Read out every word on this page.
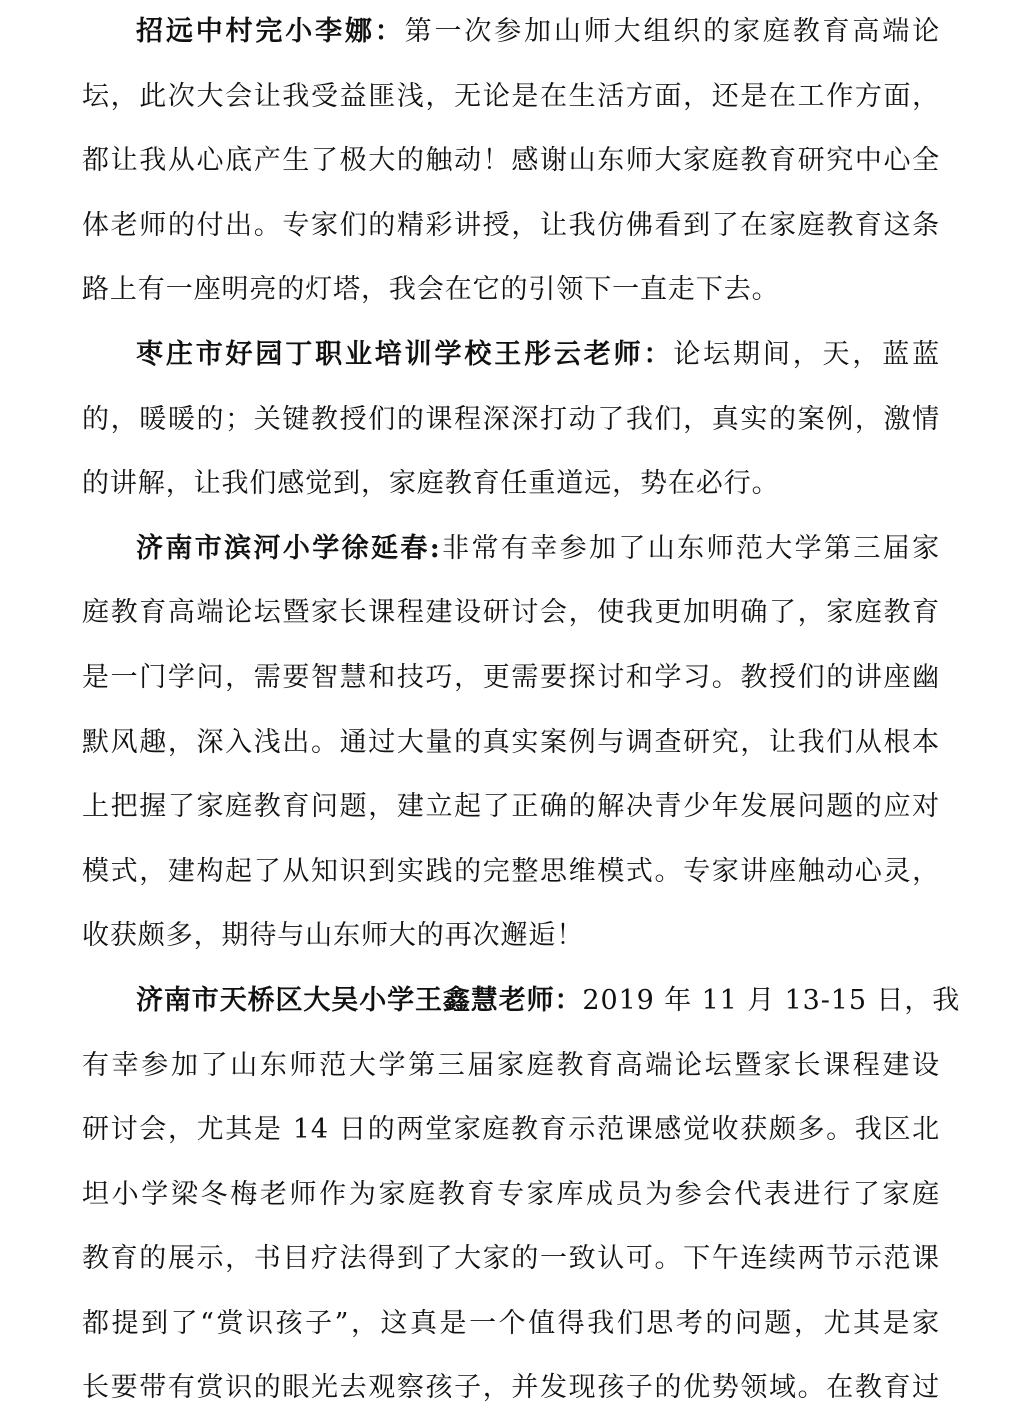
招远中村完小李娜：第一次参加山师大组织的家庭教育高端论
坛，此次大会让我受益匪浅，无论是在生活方面，还是在工作方面，
都让我从心底产生了极大的触动！感谢山东师大家庭教育研究中心全
体老师的付出。专家们的精彩讲授，让我仿佛看到了在家庭教育这条
路上有一座明亮的灯塔，我会在它的引领下一直走下去。
枣庄市好园丁职业培训学校王彤云老师：论坛期间，天，蓝蓝
的，暖暖的；关键教授们的课程深深打动了我们，真实的案例，激情
的讲解，让我们感觉到，家庭教育任重道远，势在必行。
济南市滨河小学徐延春:非常有幸参加了山东师范大学第三届家
庭教育高端论坛暨家长课程建设研讨会，使我更加明确了，家庭教育
是一门学问，需要智慧和技巧，更需要探讨和学习。教授们的讲座幽
默风趣，深入浅出。通过大量的真实案例与调查研究，让我们从根本
上把握了家庭教育问题，建立起了正确的解决青少年发展问题的应对
模式，建构起了从知识到实践的完整思维模式。专家讲座触动心灵，
收获颇多，期待与山东师大的再次邂逅！
济南市天桥区大吴小学王鑫慧老师：2019 年 11 月 13-15 日，我
有幸参加了山东师范大学第三届家庭教育高端论坛暨家长课程建设
研讨会，尤其是 14 日的两堂家庭教育示范课感觉收获颇多。我区北
坦小学梁冬梅老师作为家庭教育专家库成员为参会代表进行了家庭
教育的展示，书目疗法得到了大家的一致认可。下午连续两节示范课
都提到了“赏识孩子”，这真是一个值得我们思考的问题，尤其是家
长要带有赏识的眼光去观察孩子，并发现孩子的优势领域。在教育过
